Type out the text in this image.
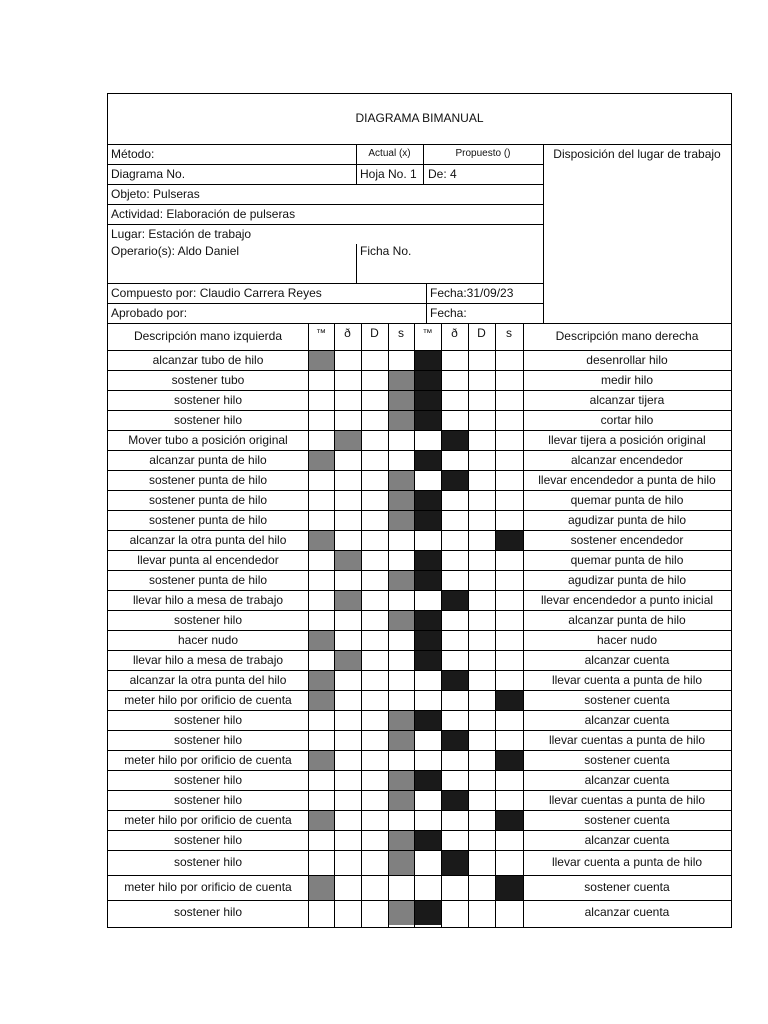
DIAGRAMA BIMANUAL
Método:	Actual (x)	Propuesto ()	Disposición del lugar de trabajo
Diagrama No.	Hoja No. 1 De: 4
Objeto: Pulseras
Actividad: Elaboración de pulseras
Lugar: Estación de trabajo
Operario(s): Aldo Daniel	Ficha No.
Compuesto por: Claudio Carrera Reyes	Fecha:31/09/23
Aprobado por:	Fecha:
Descripción mano izquierda	Descripción mano derecha
™	ð	D	s	™	ð	D	s
alcanzar tubo de hilo	desenrollar hilo
sostener tubo	medir hilo
sostener hilo	alcanzar tijera
sostener hilo	cortar hilo
Mover tubo a posición original	llevar tijera a posición original
alcanzar punta de hilo	alcanzar encendedor
sostener punta de hilo	llevar encendedor a punta de hilo
sostener punta de hilo	quemar punta de hilo
sostener punta de hilo	agudizar punta de hilo
alcanzar la otra punta del hilo	sostener encendedor
llevar punta al encendedor	quemar punta de hilo
sostener punta de hilo	agudizar punta de hilo
llevar hilo a mesa de trabajo	llevar encendedor a punto inicial
sostener hilo	alcanzar punta de hilo
hacer nudo	hacer nudo
llevar hilo a mesa de trabajo	alcanzar cuenta
alcanzar la otra punta del hilo	llevar cuenta a punta de hilo
meter hilo por orificio de cuenta	sostener cuenta
sostener hilo	alcanzar cuenta
sostener hilo	llevar cuentas a punta de hilo
meter hilo por orificio de cuenta	sostener cuenta
sostener hilo	alcanzar cuenta
sostener hilo	llevar cuentas a punta de hilo
meter hilo por orificio de cuenta	sostener cuenta
sostener hilo	alcanzar cuenta
sostener hilo	llevar cuenta a punta de hilo
meter hilo por orificio de cuenta	sostener cuenta
sostener hilo	alcanzar cuenta
